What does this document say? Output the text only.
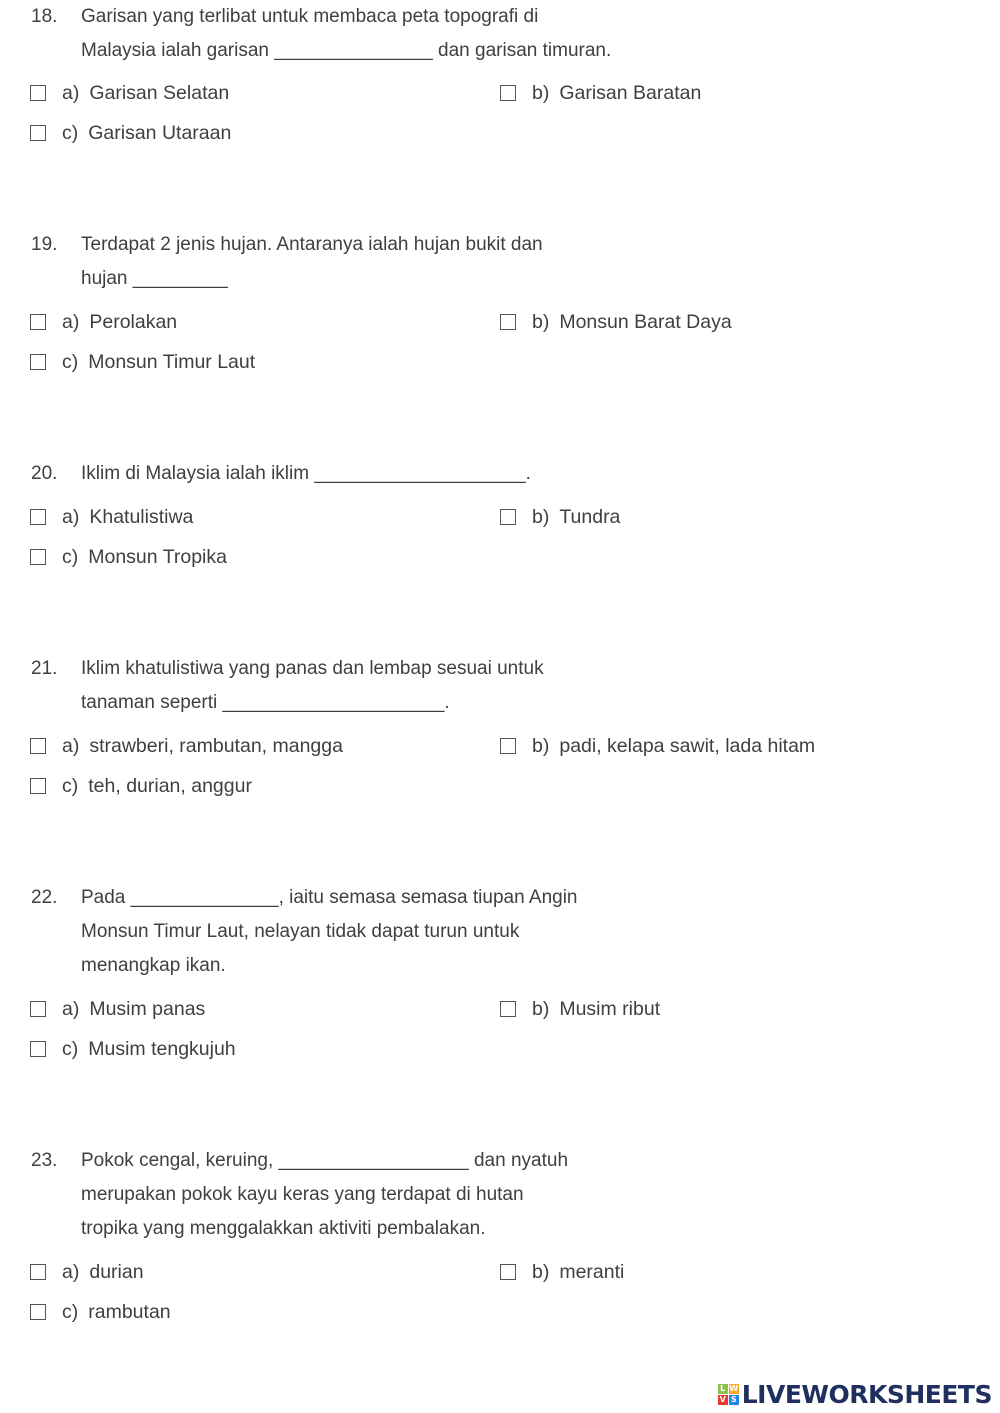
18. Garisan yang terlibat untuk membaca peta topografi di
Malaysia ialah garisan _______________ dan garisan timuran.
a) Garisan Selatan	b) Garisan Baratan
c) Garisan Utaraan
19. Terdapat 2 jenis hujan. Antaranya ialah hujan bukit dan
hujan _________
a) Perolakan	b) Monsun Barat Daya
c) Monsun Timur Laut
20. Iklim di Malaysia ialah iklim ____________________.
a) Khatulistiwa	b) Tundra
c) Monsun Tropika
21. Iklim khatulistiwa yang panas dan lembap sesuai untuk
tanaman seperti _____________________.
a) strawberi, rambutan, mangga	b) padi, kelapa sawit, lada hitam
c) teh, durian, anggur
22. Pada ______________, iaitu semasa semasa tiupan Angin
Monsun Timur Laut, nelayan tidak dapat turun untuk
menangkap ikan.
a) Musim panas	b) Musim ribut
c) Musim tengkujuh
23. Pokok cengal, keruing, __________________ dan nyatuh
merupakan pokok kayu keras yang terdapat di hutan
tropika yang menggalakkan aktiviti pembalakan.
a) durian	b) meranti
c) rambutan
L W
V S LIVEWORKSHEETS
